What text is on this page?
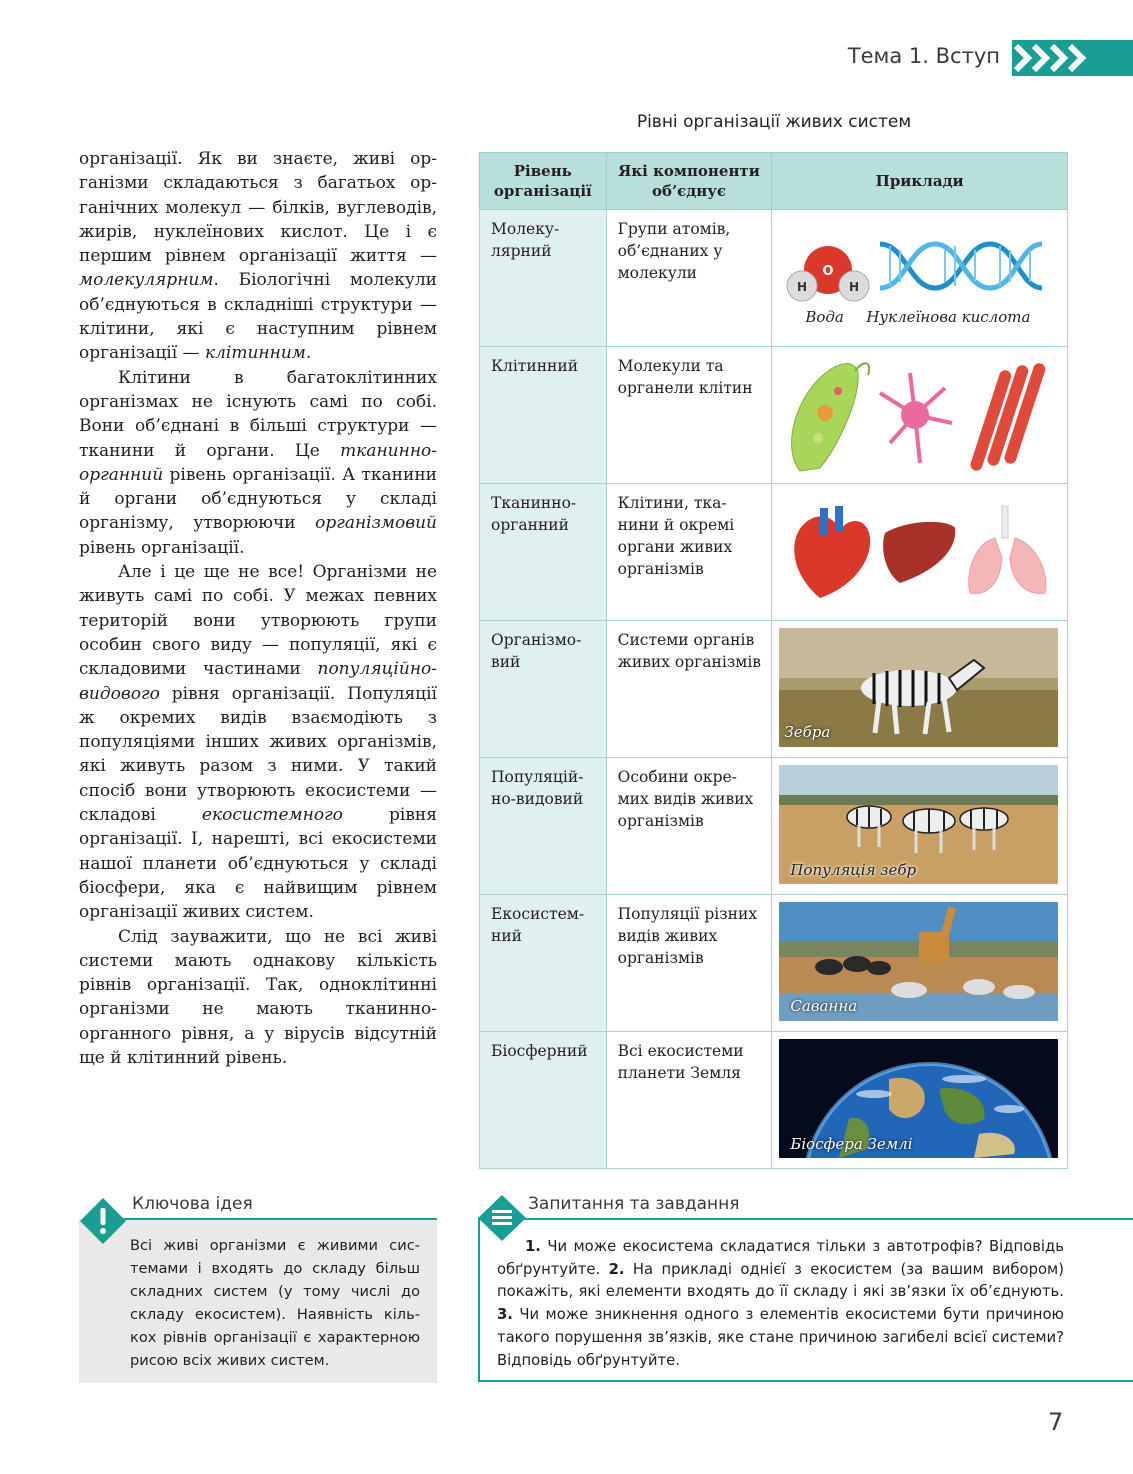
Тема 1. Вступ

організації. Як ви знаєте, живі організми складаються з багатьох органічних молекул — білків, вуглеводів, жирів, нуклеїнових кислот. Це і є першим рівнем організації життя — молекулярним. Біологічні молекули об’єднуються в складніші структури — клітини, які є наступним рівнем організації — клітинним.

Клітини в багатоклітинних організмах не існують самі по собі. Вони об’єднані в більші структури — тканини й органи. Це тканинно-органний рівень організації. А тканини й органи об’єднуються у складі організму, утворюючи організмовий рівень організації.

Але і це ще не все! Організми не живуть самі по собі. У межах певних територій вони утворюють групи особин свого виду — популяції, які є складовими частинами популяційно-видового рівня організації. Популяції ж окремих видів взаємодіють з популяціями інших живих організмів, які живуть разом з ними. У такий спосіб вони утворюють екосистеми — складові екосистемного рівня організації. І, нарешті, всі екосистеми нашої планети об’єднуються у складі біосфери, яка є найвищим рівнем організації живих систем.

Слід зауважити, що не всі живі системи мають однакову кількість рівнів організації. Так, одноклітинні організми не мають тканинно-органного рівня, а у вірусів відсутній ще й клітинний рівень.

Рівні організації живих систем
Рівень організації	Які компоненти об’єднує	Приклади
Молекулярний	Групи атомів, об’єднаних у молекули	O
H H
Вода Нуклеїнова кислота

Клітинний	Молекули та органели клітин	

Тканинно-органний	Клітини, тканини й окремі органи живих організмів	

Організмовий	Системи органів живих організмів	Зебра

Популяційно-видовий	Особини окремих видів живих організмів	Популяція зебр

Екосистемний	Популяції різних видів живих організмів	Саванна

Біосферний	Всі екосистеми планети Земля	Біосфера Землі
Ключова ідея
Всі живі організми є живими системами і входять до складу більш складних систем (у тому числі до складу екосистем). Наявність кількох рівнів організації є характерною рисою всіх живих систем.
Запитання та завдання
1. Чи може екосистема складатися тільки з автотрофів? Відповідь обґрунтуйте. 2. На прикладі однієї з екосистем (за вашим вибором) покажіть, які елементи входять до її складу і які зв’язки їх об’єднують. 3. Чи може зникнення одного з елементів екосистеми бути причиною такого порушення зв’язків, яке стане причиною загибелі всієї системи? Відповідь обґрунтуйте.
7
